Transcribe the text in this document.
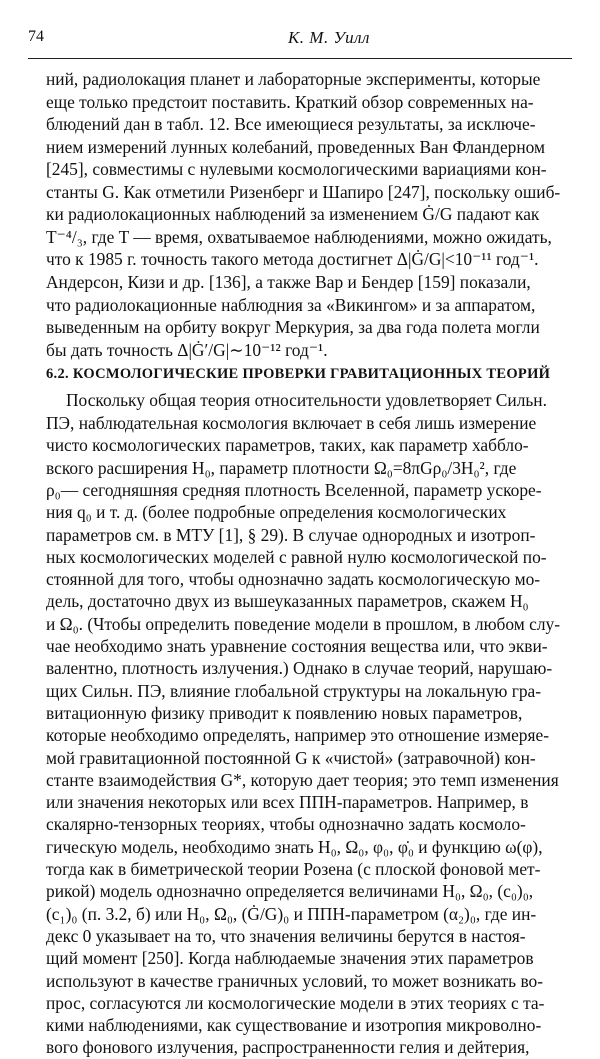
74	К. М. Уилл
ний, радиолокация планет и лабораторные эксперименты, которые
еще только предстоит поставить. Краткий обзор современных на-
блюдений дан в табл. 12. Все имеющиеся результаты, за исключе-
нием измерений лунных колебаний, проведенных Ван Фландерном
[245], совместимы с нулевыми космологическими вариациями кон-
станты G. Как отметили Ризенберг и Шапиро [247], поскольку ошиб-
ки радиолокационных наблюдений за изменением Ġ/G падают как
T⁻⁴/₃, где T — время, охватываемое наблюдениями, можно ожидать,
что к 1985 г. точность такого метода достигнет Δ|Ġ/G|<10⁻¹¹ год⁻¹.
Андерсон, Кизи и др. [136], а также Вар и Бендер [159] показали,
что радиолокационные наблюдния за «Викингом» и за аппаратом,
выведенным на орбиту вокруг Меркурия, за два года полета могли
бы дать точность Δ|Ġ′/G|∼10⁻¹² год⁻¹.
6.2. КОСМОЛОГИЧЕСКИЕ ПРОВЕРКИ ГРАВИТАЦИОННЫХ ТЕОРИЙ
Поскольку общая теория относительности удовлетворяет Сильн.
ПЭ, наблюдательная космология включает в себя лишь измерение
чисто космологических параметров, таких, как параметр хаббло-
вского расширения H₀, параметр плотности Ω₀=8πGρ₀/3H₀², где
ρ₀— сегодняшняя средняя плотность Вселенной, параметр ускоре-
ния q₀ и т. д. (более подробные определения космологических
параметров см. в МТУ [1], § 29). В случае однородных и изотроп-
ных космологических моделей с равной нулю космологической по-
стоянной для того, чтобы однозначно задать космологическую мо-
дель, достаточно двух из вышеуказанных параметров, скажем H₀
и Ω₀. (Чтобы определить поведение модели в прошлом, в любом слу-
чае необходимо знать уравнение состояния вещества или, что экви-
валентно, плотность излучения.) Однако в случае теорий, нарушаю-
щих Сильн. ПЭ, влияние глобальной структуры на локальную гра-
витационную физику приводит к появлению новых параметров,
которые необходимо определять, например это отношение измеряе-
мой гравитационной постоянной G к «чистой» (затравочной) кон-
станте взаимодействия G*, которую дает теория; это темп изменения
или значения некоторых или всех ППН-параметров. Например, в
скалярно-тензорных теориях, чтобы однозначно задать космоло-
гическую модель, необходимо знать H₀, Ω₀, φ₀, φ̇₀ и функцию ω(φ),
тогда как в биметрической теории Розена (с плоской фоновой мет-
рикой) модель однозначно определяется величинами H₀, Ω₀, (c₀)₀,
(c₁)₀ (п. 3.2, б) или H₀, Ω₀, (Ġ/G)₀ и ППН-параметром (α₂)₀, где ин-
декс 0 указывает на то, что значения величины берутся в настоя-
щий момент [250]. Когда наблюдаемые значения этих параметров
используют в качестве граничных условий, то может возникать во-
прос, согласуются ли космологические модели в этих теориях с та-
кими наблюдениями, как существование и изотропия микроволно-
вого фонового излучения, распространенности гелия и дейтерия,
